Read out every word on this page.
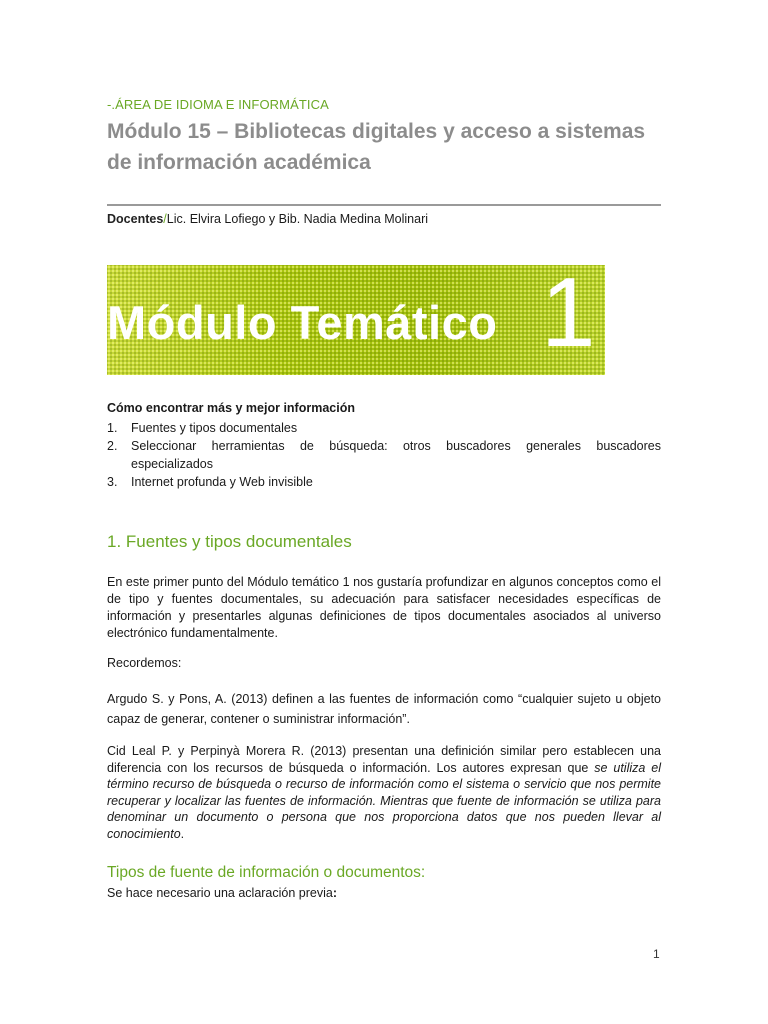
-.ÁREA DE IDIOMA E INFORMÁTICA
Módulo 15 – Bibliotecas digitales y acceso a sistemas de información académica
Docentes/Lic. Elvira Lofiego y Bib. Nadia Medina Molinari
Módulo Temático 1
Cómo encontrar más y mejor información
1. Fuentes y tipos documentales
2. Seleccionar herramientas de búsqueda: otros buscadores generales buscadores especializados
3. Internet profunda y Web invisible
1. Fuentes y tipos documentales

En este primer punto del Módulo temático 1 nos gustaría profundizar en algunos conceptos como el de tipo y fuentes documentales, su adecuación para satisfacer necesidades específicas de información y presentarles algunas definiciones de tipos documentales asociados al universo electrónico fundamentalmente.

Recordemos:

Argudo S. y Pons, A. (2013) definen a las fuentes de información como “cualquier sujeto u objeto capaz de generar, contener o suministrar información”.

Cid Leal P. y Perpinyà Morera R. (2013) presentan una definición similar pero establecen una diferencia con los recursos de búsqueda o información. Los autores expresan que se utiliza el término recurso de búsqueda o recurso de información como el sistema o servicio que nos permite recuperar y localizar las fuentes de información. Mientras que fuente de información se utiliza para denominar un documento o persona que nos proporciona datos que nos pueden llevar al conocimiento.

Tipos de fuente de información o documentos:
Se hace necesario una aclaración previa:
1
